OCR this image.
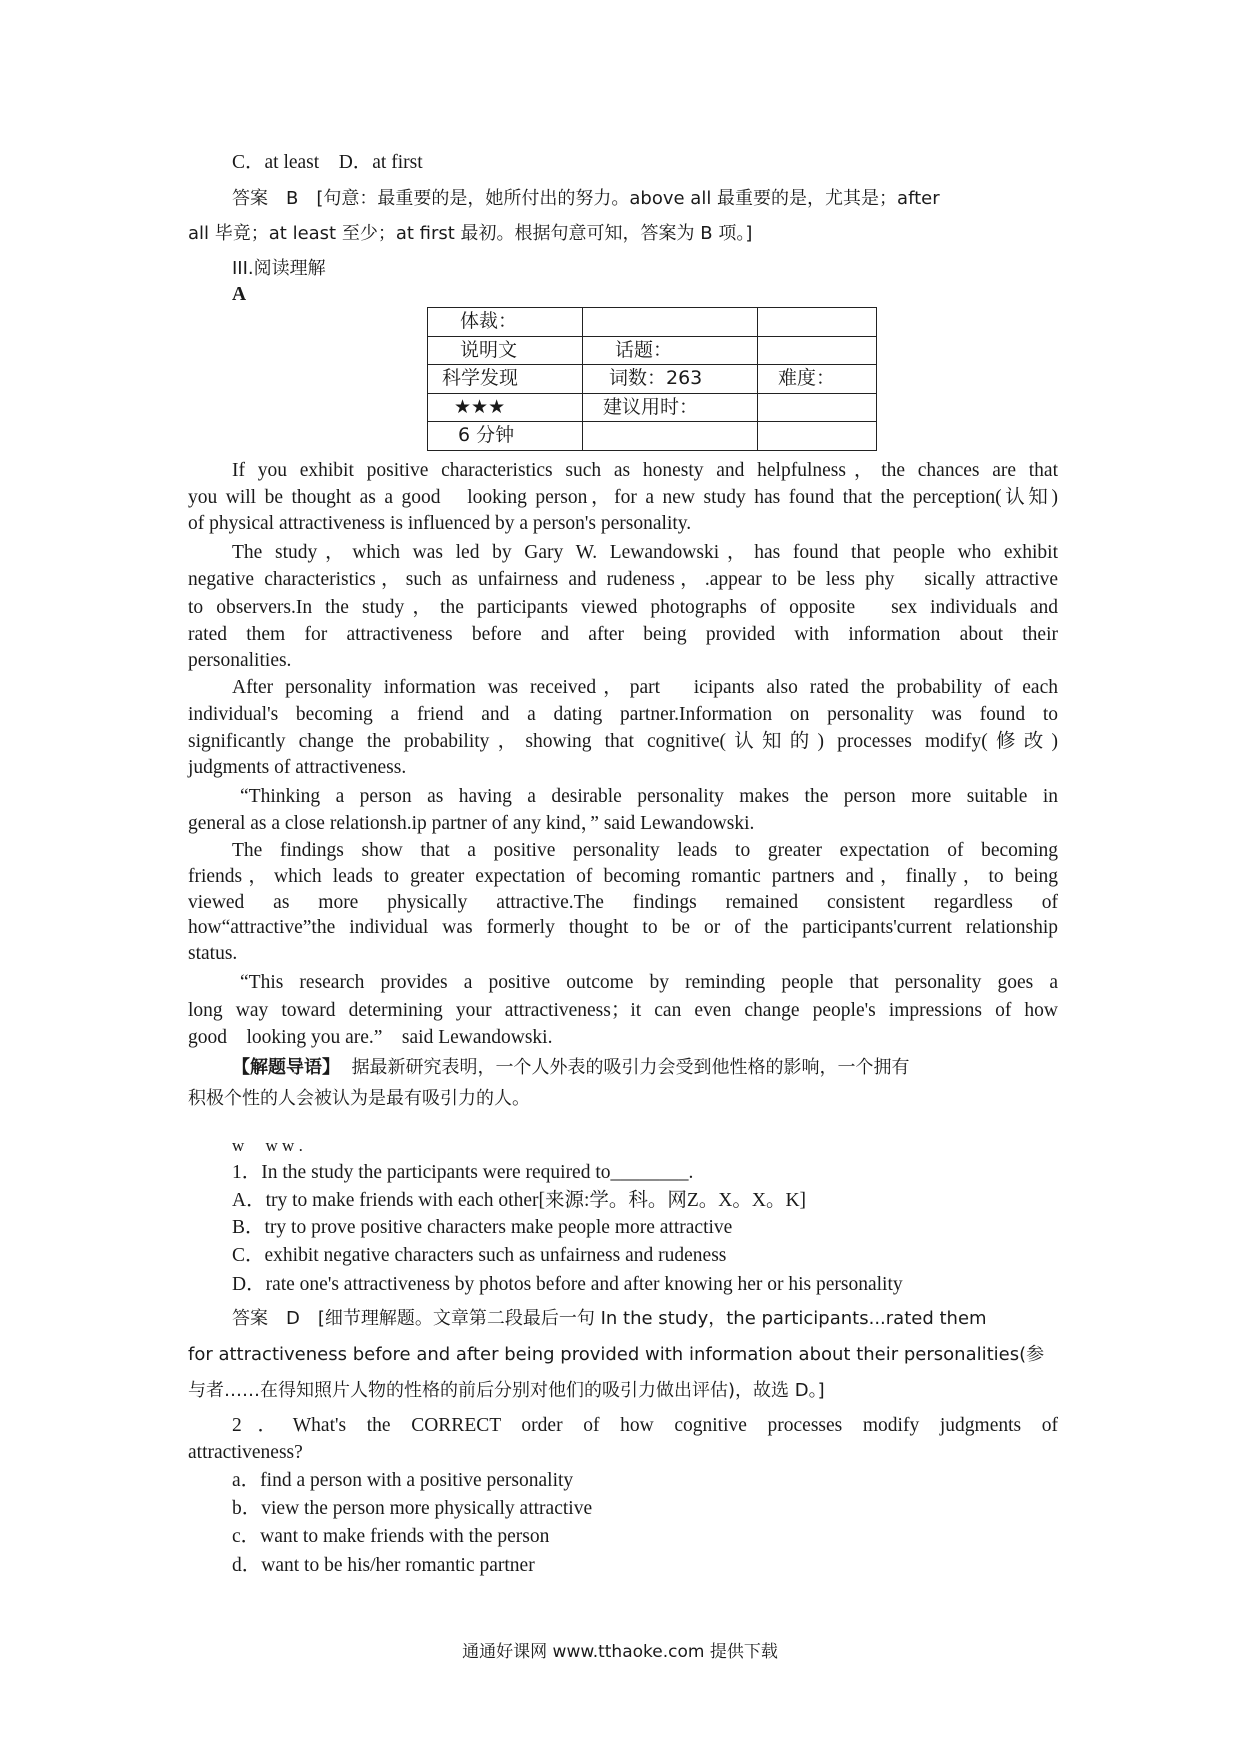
C．at least　D．at first
答案　B　[句意：最重要的是，她所付出的努力。above all 最重要的是，尤其是；after
all 毕竟；at least 至少；at first 最初。根据句意可知，答案为 B 项。]
III.阅读理解
A
体裁：		
说明文	话题：	
科学发现	词数：263	难度：
★★★	建议用时：	
6 分钟		
If you exhibit positive characteristics such as honesty and helpfulness，the chances are that
you will be thought as a good　looking person，for a new study has found that the perception(认知)
of physical attractiveness is influenced by a person's personality.
The study，which was led by Gary W. Lewandowski，has found that people who exhibit
negative characteristics，such as unfairness and rudeness，.appear to be less phy　sically attractive
to observers.In the study，the participants viewed photographs of opposite　sex individuals and
rated them for attractiveness before and after being provided with information about their
personalities.
After personality information was received，part　icipants also rated the probability of each
individual's becoming a friend and a dating partner.Information on personality was found to
significantly change the probability，showing that cognitive(认知的) processes modify(修改)
judgments of attractiveness.
“Thinking a person as having a desirable personality makes the person more suitable in
general as a close relationsh.ip partner of any kind，” said Lewandowski.
The findings show that a positive personality leads to greater expectation of becoming
friends，which leads to greater expectation of becoming romantic partners and，finally，to being
viewed as more physically attractive.The findings remained consistent regardless of
how“attractive”the individual was formerly thought to be or of the participants'current relationship
status.
“This research provides a positive outcome by reminding people that personality goes a
long way toward determining your attractiveness；it can even change people's impressions of how
good　looking you are.”　said Lewandowski.
【解题导语】 据最新研究表明，一个人外表的吸引力会受到他性格的影响，一个拥有
积极个性的人会被认为是最有吸引力的人。
w　 w w .
1．In the study the participants were required to________.
A．try to make friends with each other[来源:学。科。网Z。X。X。K]
B．try to prove positive characters make people more attractive
C．exhibit negative characters such as unfairness and rudeness
D．rate one's attractiveness by photos before and after knowing her or his personality
答案　D　[细节理解题。文章第二段最后一句 In the study，the participants...rated them
for attractiveness before and after being provided with information about their personalities(参
与者……在得知照片人物的性格的前后分别对他们的吸引力做出评估)，故选 D。]
2．What's the CORRECT order of how cognitive processes modify judgments of
attractiveness?
a．find a person with a positive personality
b．view the person more physically attractive
c．want to make friends with the person
d．want to be his/her romantic partner
通通好课网 www.tthaoke.com 提供下载
